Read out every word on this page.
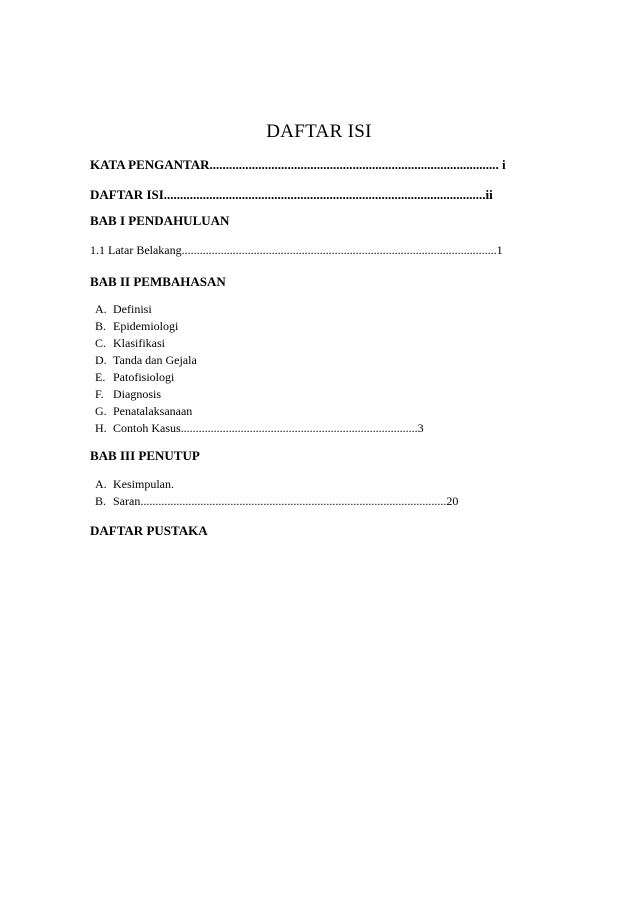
DAFTAR ISI
KATA PENGANTAR......................................................................................... i
DAFTAR ISI...................................................................................................ii
BAB I PENDAHULUAN
1.1 Latar Belakang.........................................................................................................1
BAB II PEMBAHASAN
A. Definisi
B. Epidemiologi
C. Klasifikasi
D. Tanda dan Gejala
E. Patofisiologi
F. Diagnosis
G. Penatalaksanaan
H. Contoh Kasus...............................................................................3
BAB III PENUTUP
A. Kesimpulan.
B. Saran......................................................................................................20
DAFTAR PUSTAKA
